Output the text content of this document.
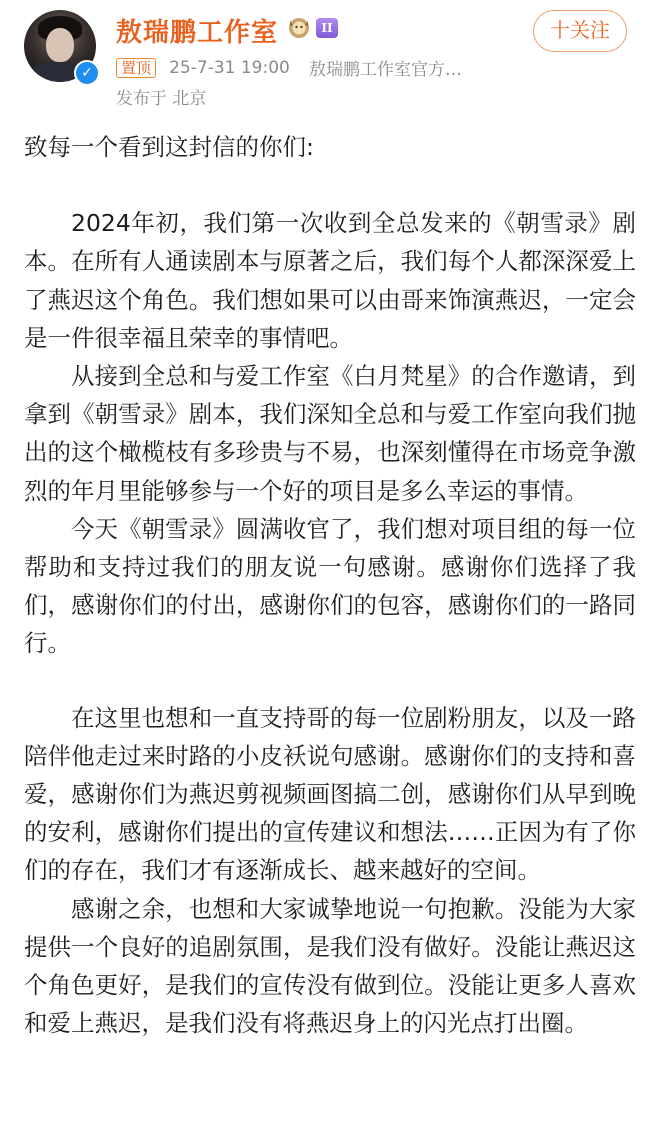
✓
敖瑞鹏工作室	II	十关注
置顶 25-7-31 19:00 敖瑞鹏工作室官方…
发布于 北京

致每一个看到这封信的你们:

2024年初，我们第一次收到全总发来的《朝雪录》剧本。在所有人通读剧本与原著之后，我们每个人都深深爱上了燕迟这个角色。我们想如果可以由哥来饰演燕迟，一定会是一件很幸福且荣幸的事情吧。

从接到全总和与爱工作室《白月梵星》的合作邀请，到拿到《朝雪录》剧本，我们深知全总和与爱工作室向我们抛出的这个橄榄枝有多珍贵与不易，也深刻懂得在市场竞争激烈的年月里能够参与一个好的项目是多么幸运的事情。

今天《朝雪录》圆满收官了，我们想对项目组的每一位帮助和支持过我们的朋友说一句感谢。感谢你们选择了我们，感谢你们的付出，感谢你们的包容，感谢你们的一路同行。

在这里也想和一直支持哥的每一位剧粉朋友，以及一路陪伴他走过来时路的小皮袄说句感谢。感谢你们的支持和喜爱，感谢你们为燕迟剪视频画图搞二创，感谢你们从早到晚的安利，感谢你们提出的宣传建议和想法……正因为有了你们的存在，我们才有逐渐成长、越来越好的空间。

感谢之余，也想和大家诚挚地说一句抱歉。没能为大家提供一个良好的追剧氛围，是我们没有做好。没能让燕迟这个角色更好，是我们的宣传没有做到位。没能让更多人喜欢和爱上燕迟，是我们没有将燕迟身上的闪光点打出圈。
